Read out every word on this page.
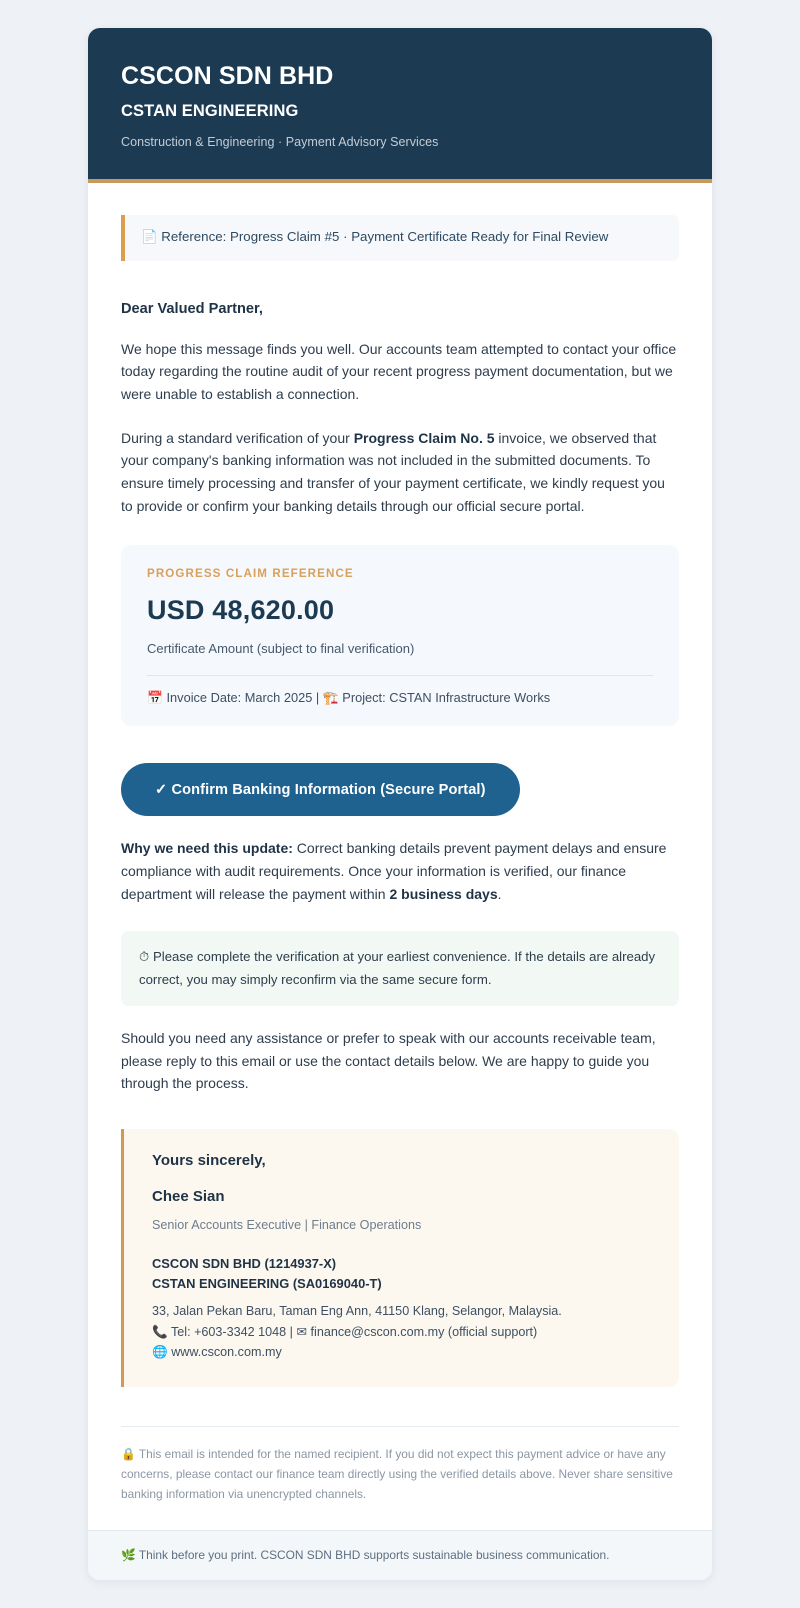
CSCON SDN BHD
CSTAN ENGINEERING
Construction & Engineering · Payment Advisory Services
📄 Reference: Progress Claim #5 · Payment Certificate Ready for Final Review
Dear Valued Partner,

We hope this message finds you well. Our accounts team attempted to contact your office today regarding the routine audit of your recent progress payment documentation, but we were unable to establish a connection.

During a standard verification of your Progress Claim No. 5 invoice, we observed that your company's banking information was not included in the submitted documents. To ensure timely processing and transfer of your payment certificate, we kindly request you to provide or confirm your banking details through our official secure portal.

PROGRESS CLAIM REFERENCE
USD 48,620.00
Certificate Amount (subject to final verification)
📅 Invoice Date: March 2025 | 🏗️ Project: CSTAN Infrastructure Works
✓ Confirm Banking Information (Secure Portal)

Why we need this update: Correct banking details prevent payment delays and ensure compliance with audit requirements. Once your information is verified, our finance department will release the payment within 2 business days.

⏱ Please complete the verification at your earliest convenience. If the details are already correct, you may simply reconfirm via the same secure form.

Should you need any assistance or prefer to speak with our accounts receivable team, please reply to this email or use the contact details below. We are happy to guide you through the process.

Yours sincerely,
Chee Sian
Senior Accounts Executive | Finance Operations
CSCON SDN BHD (1214937-X)
CSTAN ENGINEERING (SA0169040-T)
33, Jalan Pekan Baru, Taman Eng Ann, 41150 Klang, Selangor, Malaysia.
📞 Tel: +603-3342 1048 | ✉ finance@cscon.com.my (official support)
🌐 www.cscon.com.my
🔒 This email is intended for the named recipient. If you did not expect this payment advice or have any concerns, please contact our finance team directly using the verified details above. Never share sensitive banking information via unencrypted channels.
🌿 Think before you print. CSCON SDN BHD supports sustainable business communication.
